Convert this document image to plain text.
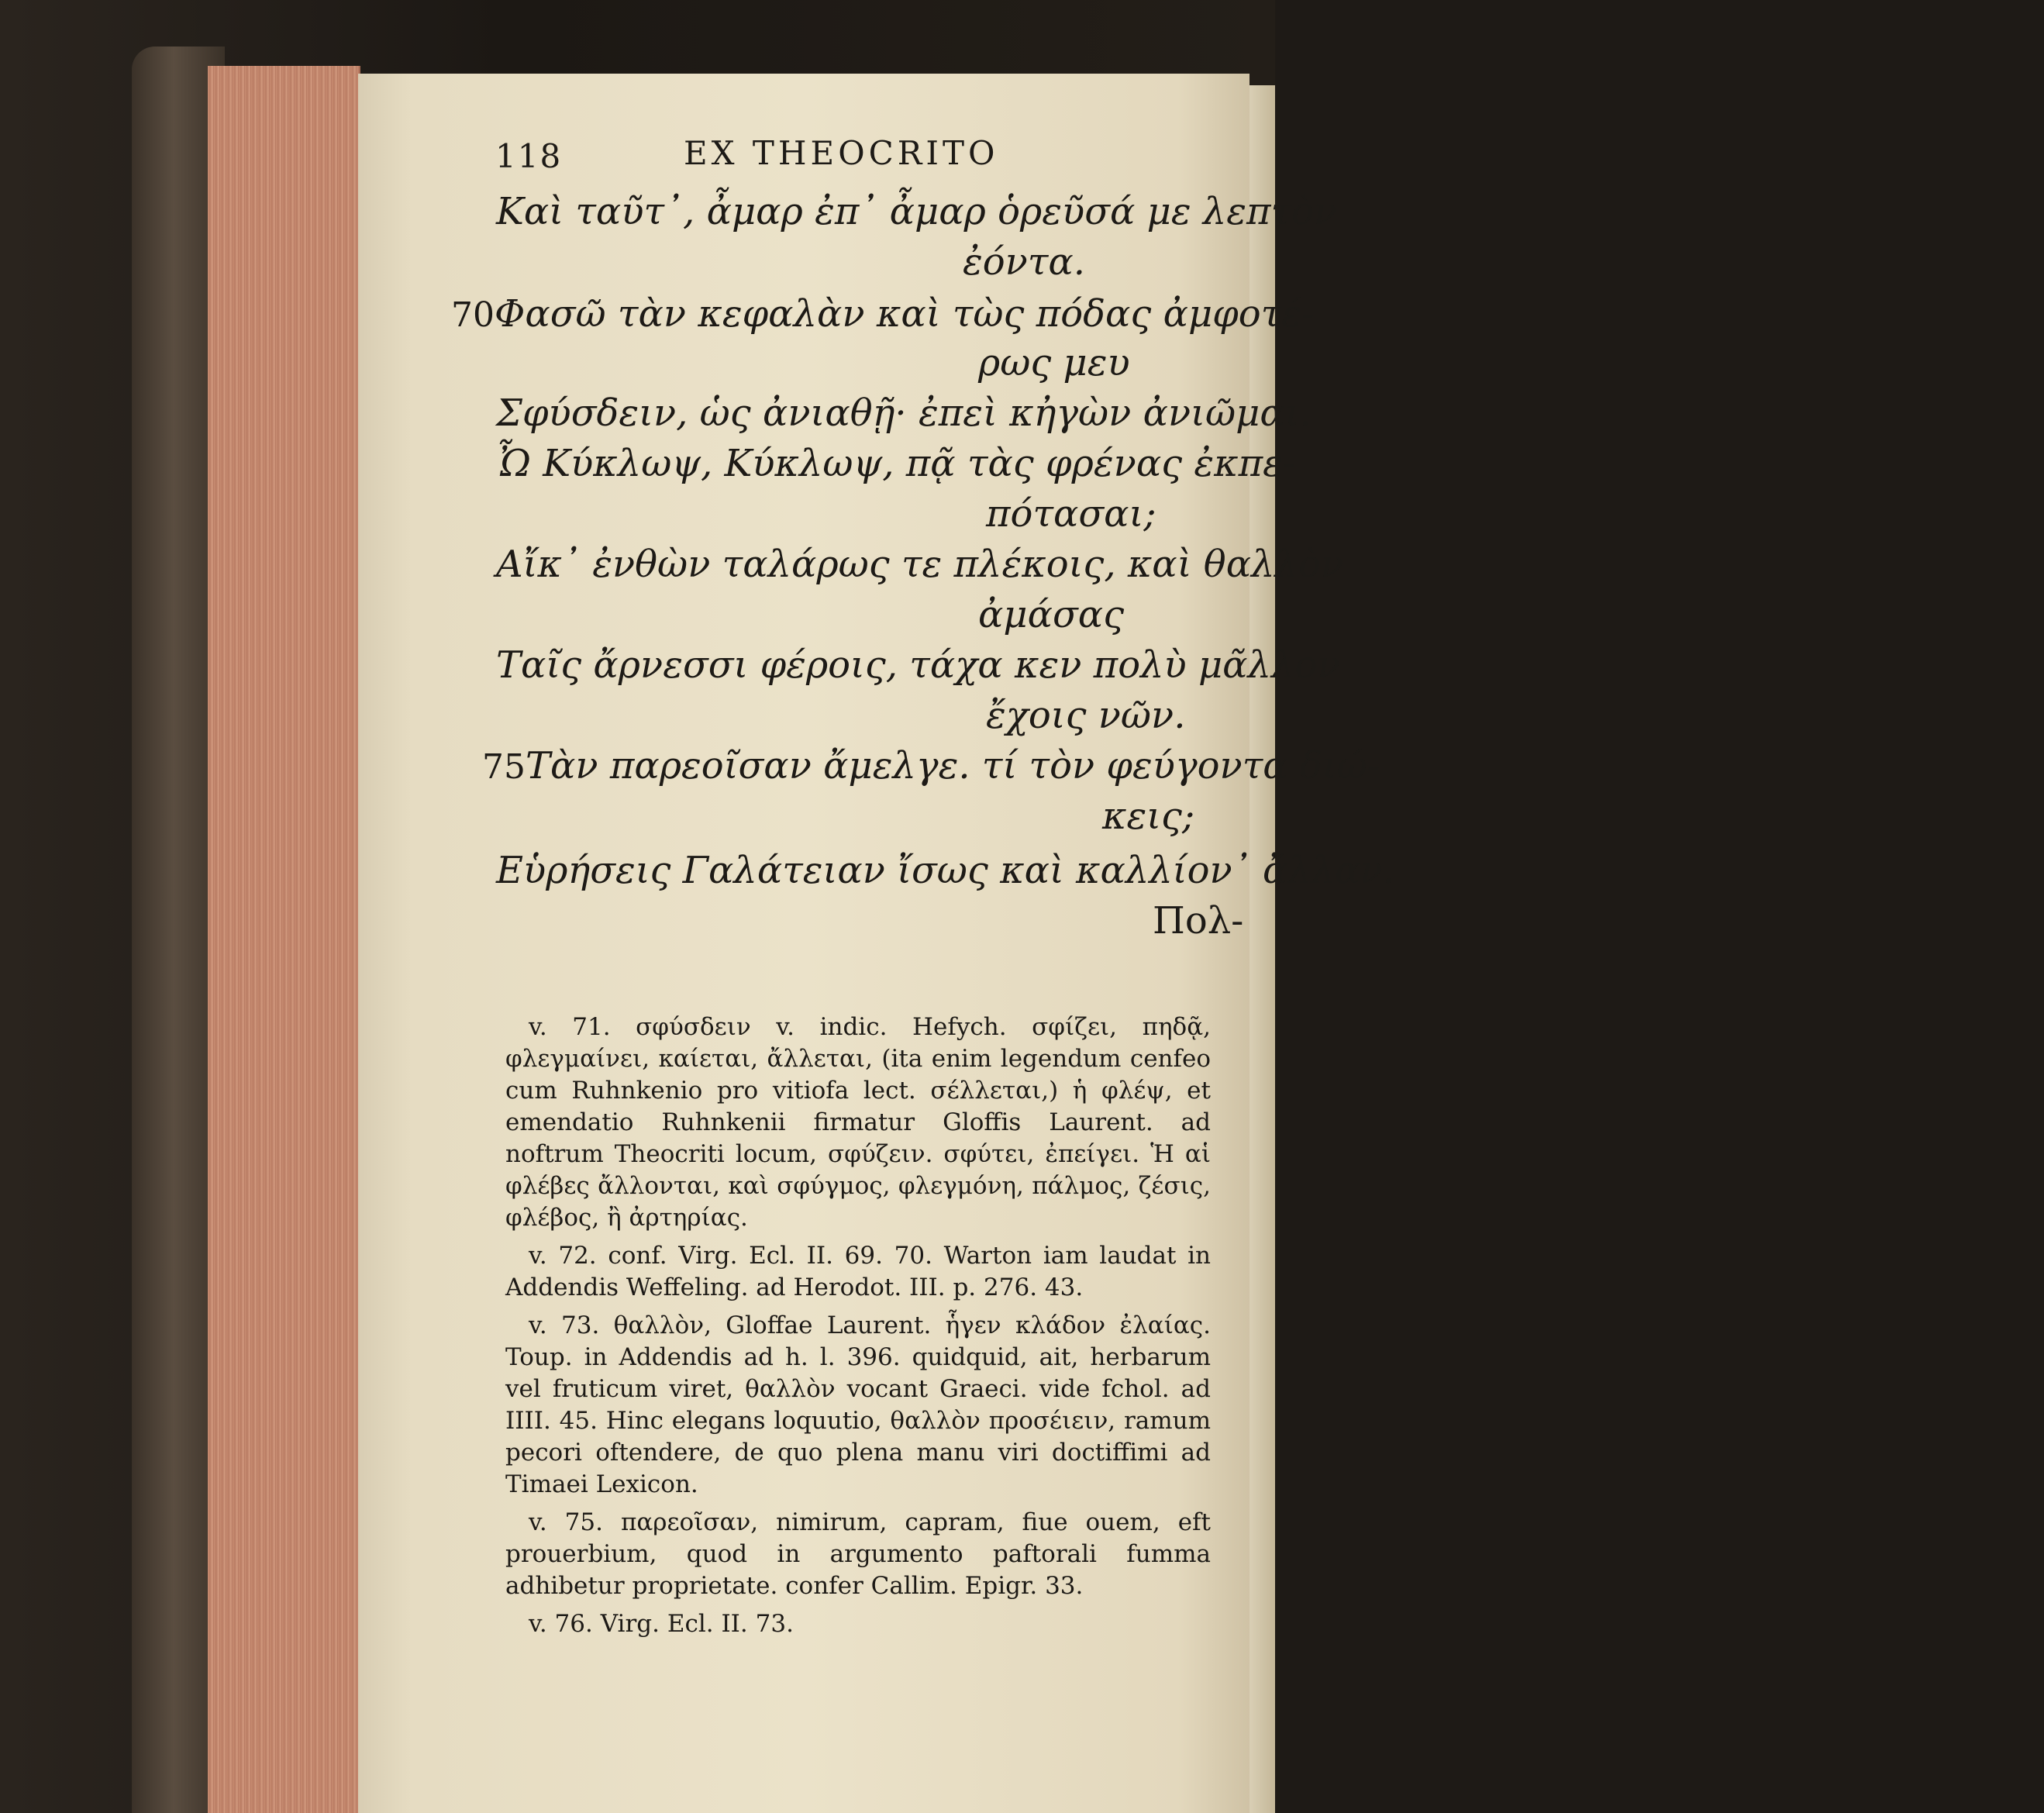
118	EX THEOCRITO
Καὶ ταῦτ᾽, ἆμαρ ἐπ᾽ ἆμαρ ὁρεῦσά με λεπτὸν
ἐόντα.
70Φασῶ τὰν κεφαλὰν καὶ τὼς πόδας ἀμφοτέ-
ρως μευ
Σφύσδειν, ὡς ἀνιαθῇ· ἐπεὶ κἠγὼν ἀνιῶμαι.
Ὦ Κύκλωψ, Κύκλωψ, πᾷ τὰς φρένας ἐκπε-
πότασαι;
Αἴκ᾽ ἐνθὼν ταλάρως τε πλέκοις, καὶ θαλλὸν
ἀμάσας
Ταῖς ἄρνεσσι φέροις, τάχα κεν πολὺ μᾶλλον
ἔχοις νῶν.
75Τὰν παρεοῖσαν ἄμελγε. τί τὸν φεύγοντα διώ-
κεις;
Εὑρήσεις Γαλάτειαν ἴσως καὶ καλλίον᾽ ἄλλαν.
Πολ-

v. 71. σφύσδειν v. indic. Hefych. σφίζει, πηδᾷ, φλεγμαίνει, καίεται, ἄλλεται, (ita enim legendum cenfeo cum Ruhnkenio pro vitiofa lect. σέλλεται,) ἡ φλέψ, et emendatio Ruhnkenii firmatur Gloffis Laurent. ad noftrum Theocriti locum, σφύζειν. σφύτει, ἐπείγει. Ἡ αἱ φλέβες ἄλλονται, καὶ σφύγμος, φλεγμόνη, πάλμος, ζέσις, φλέβος, ἢ ἀρτηρίας.

v. 72. conf. Virg. Ecl. II. 69. 70. Warton iam laudat in Addendis Weffeling. ad Herodot. III. p. 276. 43.

v. 73. θαλλὸν, Gloffae Laurent. ἧγεν κλάδον ἐλαίας. Toup. in Addendis ad h. l. 396. quidquid, ait, herbarum vel fruticum viret, θαλλὸν vocant Graeci. vide fchol. ad IIII. 45. Hinc elegans loquutio, θαλλὸν προσέιειν, ramum pecori oftendere, de quo plena manu viri doctiffimi ad Timaei Lexicon.

v. 75. παρεοῖσαν, nimirum, capram, fiue ouem, eft prouerbium, quod in argumento paftorali fumma adhibetur proprietate. confer Callim. Epigr. 33.

v. 76. Virg. Ecl. II. 73.
